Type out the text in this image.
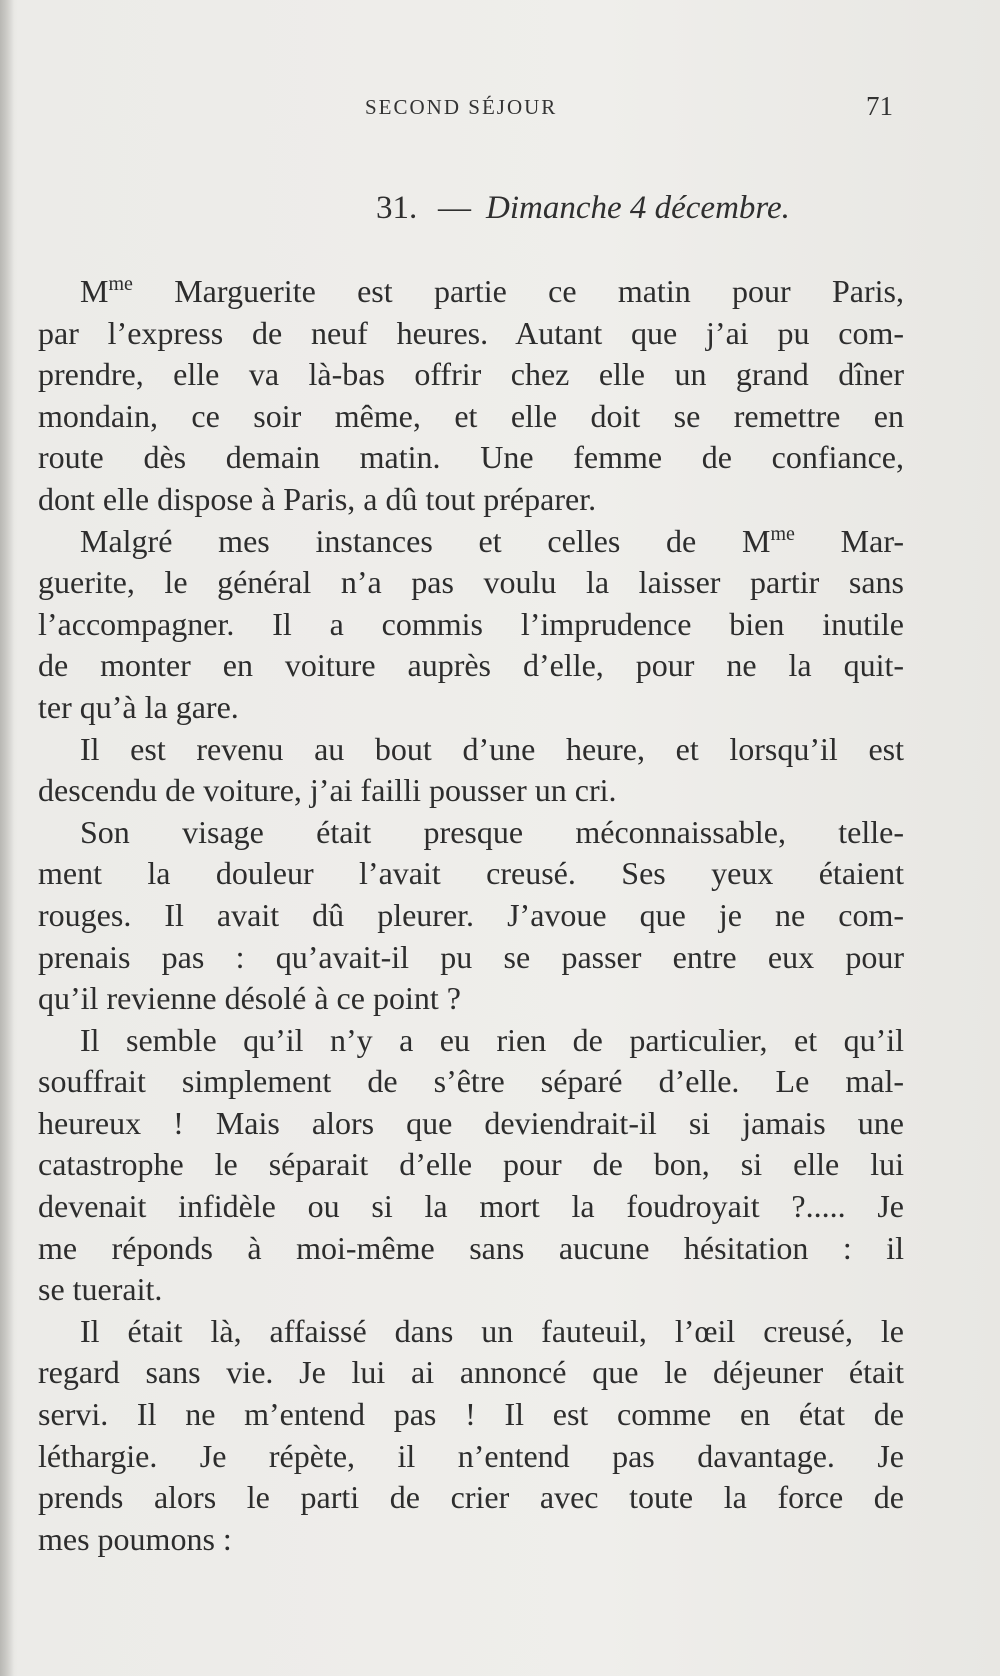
SECOND SÉJOUR	71
31. — Dimanche 4 décembre.
$M^{me}$ Marguerite est partie ce matin pour Paris,
par l’express de neuf heures. Autant que j’ai pu com-
prendre, elle va là-bas offrir chez elle un grand dîner
mondain, ce soir même, et elle doit se remettre en
route dès demain matin. Une femme de confiance,
dont elle dispose à Paris, a dû tout préparer.
Malgré mes instances et celles de $M^{me}$ Mar-
guerite, le général n’a pas voulu la laisser partir sans
l’accompagner. Il a commis l’imprudence bien inutile
de monter en voiture auprès d’elle, pour ne la quit-
ter qu’à la gare.
Il est revenu au bout d’une heure, et lorsqu’il est
descendu de voiture, j’ai failli pousser un cri.
Son visage était presque méconnaissable, telle-
ment la douleur l’avait creusé. Ses yeux étaient
rouges. Il avait dû pleurer. J’avoue que je ne com-
prenais pas : qu’avait-il pu se passer entre eux pour
qu’il revienne désolé à ce point ?
Il semble qu’il n’y a eu rien de particulier, et qu’il
souffrait simplement de s’être séparé d’elle. Le mal-
heureux ! Mais alors que deviendrait-il si jamais une
catastrophe le séparait d’elle pour de bon, si elle lui
devenait infidèle ou si la mort la foudroyait ?..... Je
me réponds à moi-même sans aucune hésitation : il
se tuerait.
Il était là, affaissé dans un fauteuil, l’œil creusé, le
regard sans vie. Je lui ai annoncé que le déjeuner était
servi. Il ne m’entend pas ! Il est comme en état de
léthargie. Je répète, il n’entend pas davantage. Je
prends alors le parti de crier avec toute la force de
mes poumons :
